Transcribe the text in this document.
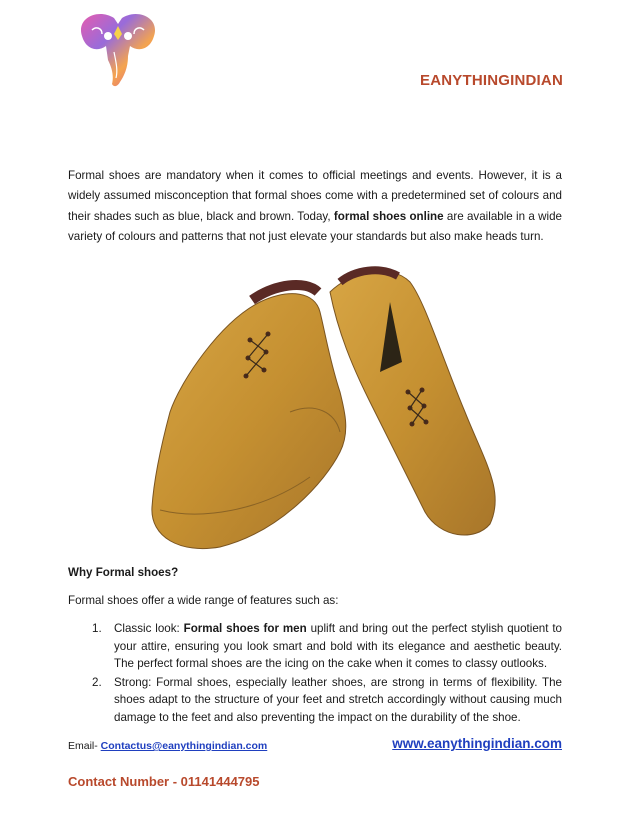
EANYTHINGINDIAN

Formal shoes are mandatory when it comes to official meetings and events. However, it is a widely assumed misconception that formal shoes come with a predetermined set of colours and their shades such as blue, black and brown. Today, formal shoes online are available in a wide variety of colours and patterns that not just elevate your standards but also make heads turn.

Why Formal shoes?

Formal shoes offer a wide range of features such as:

1. Classic look: Formal shoes for men uplift and bring out the perfect stylish quotient to your attire, ensuring you look smart and bold with its elegance and aesthetic beauty. The perfect formal shoes are the icing on the cake when it comes to classy outlooks.
2. Strong: Formal shoes, especially leather shoes, are strong in terms of flexibility. The shoes adapt to the structure of your feet and stretch accordingly without causing much damage to the feet and also preventing the impact on the durability of the shoe.
Email- Contactus@eanythingindian.com	www.eanythingindian.com
Contact Number - 01141444795
